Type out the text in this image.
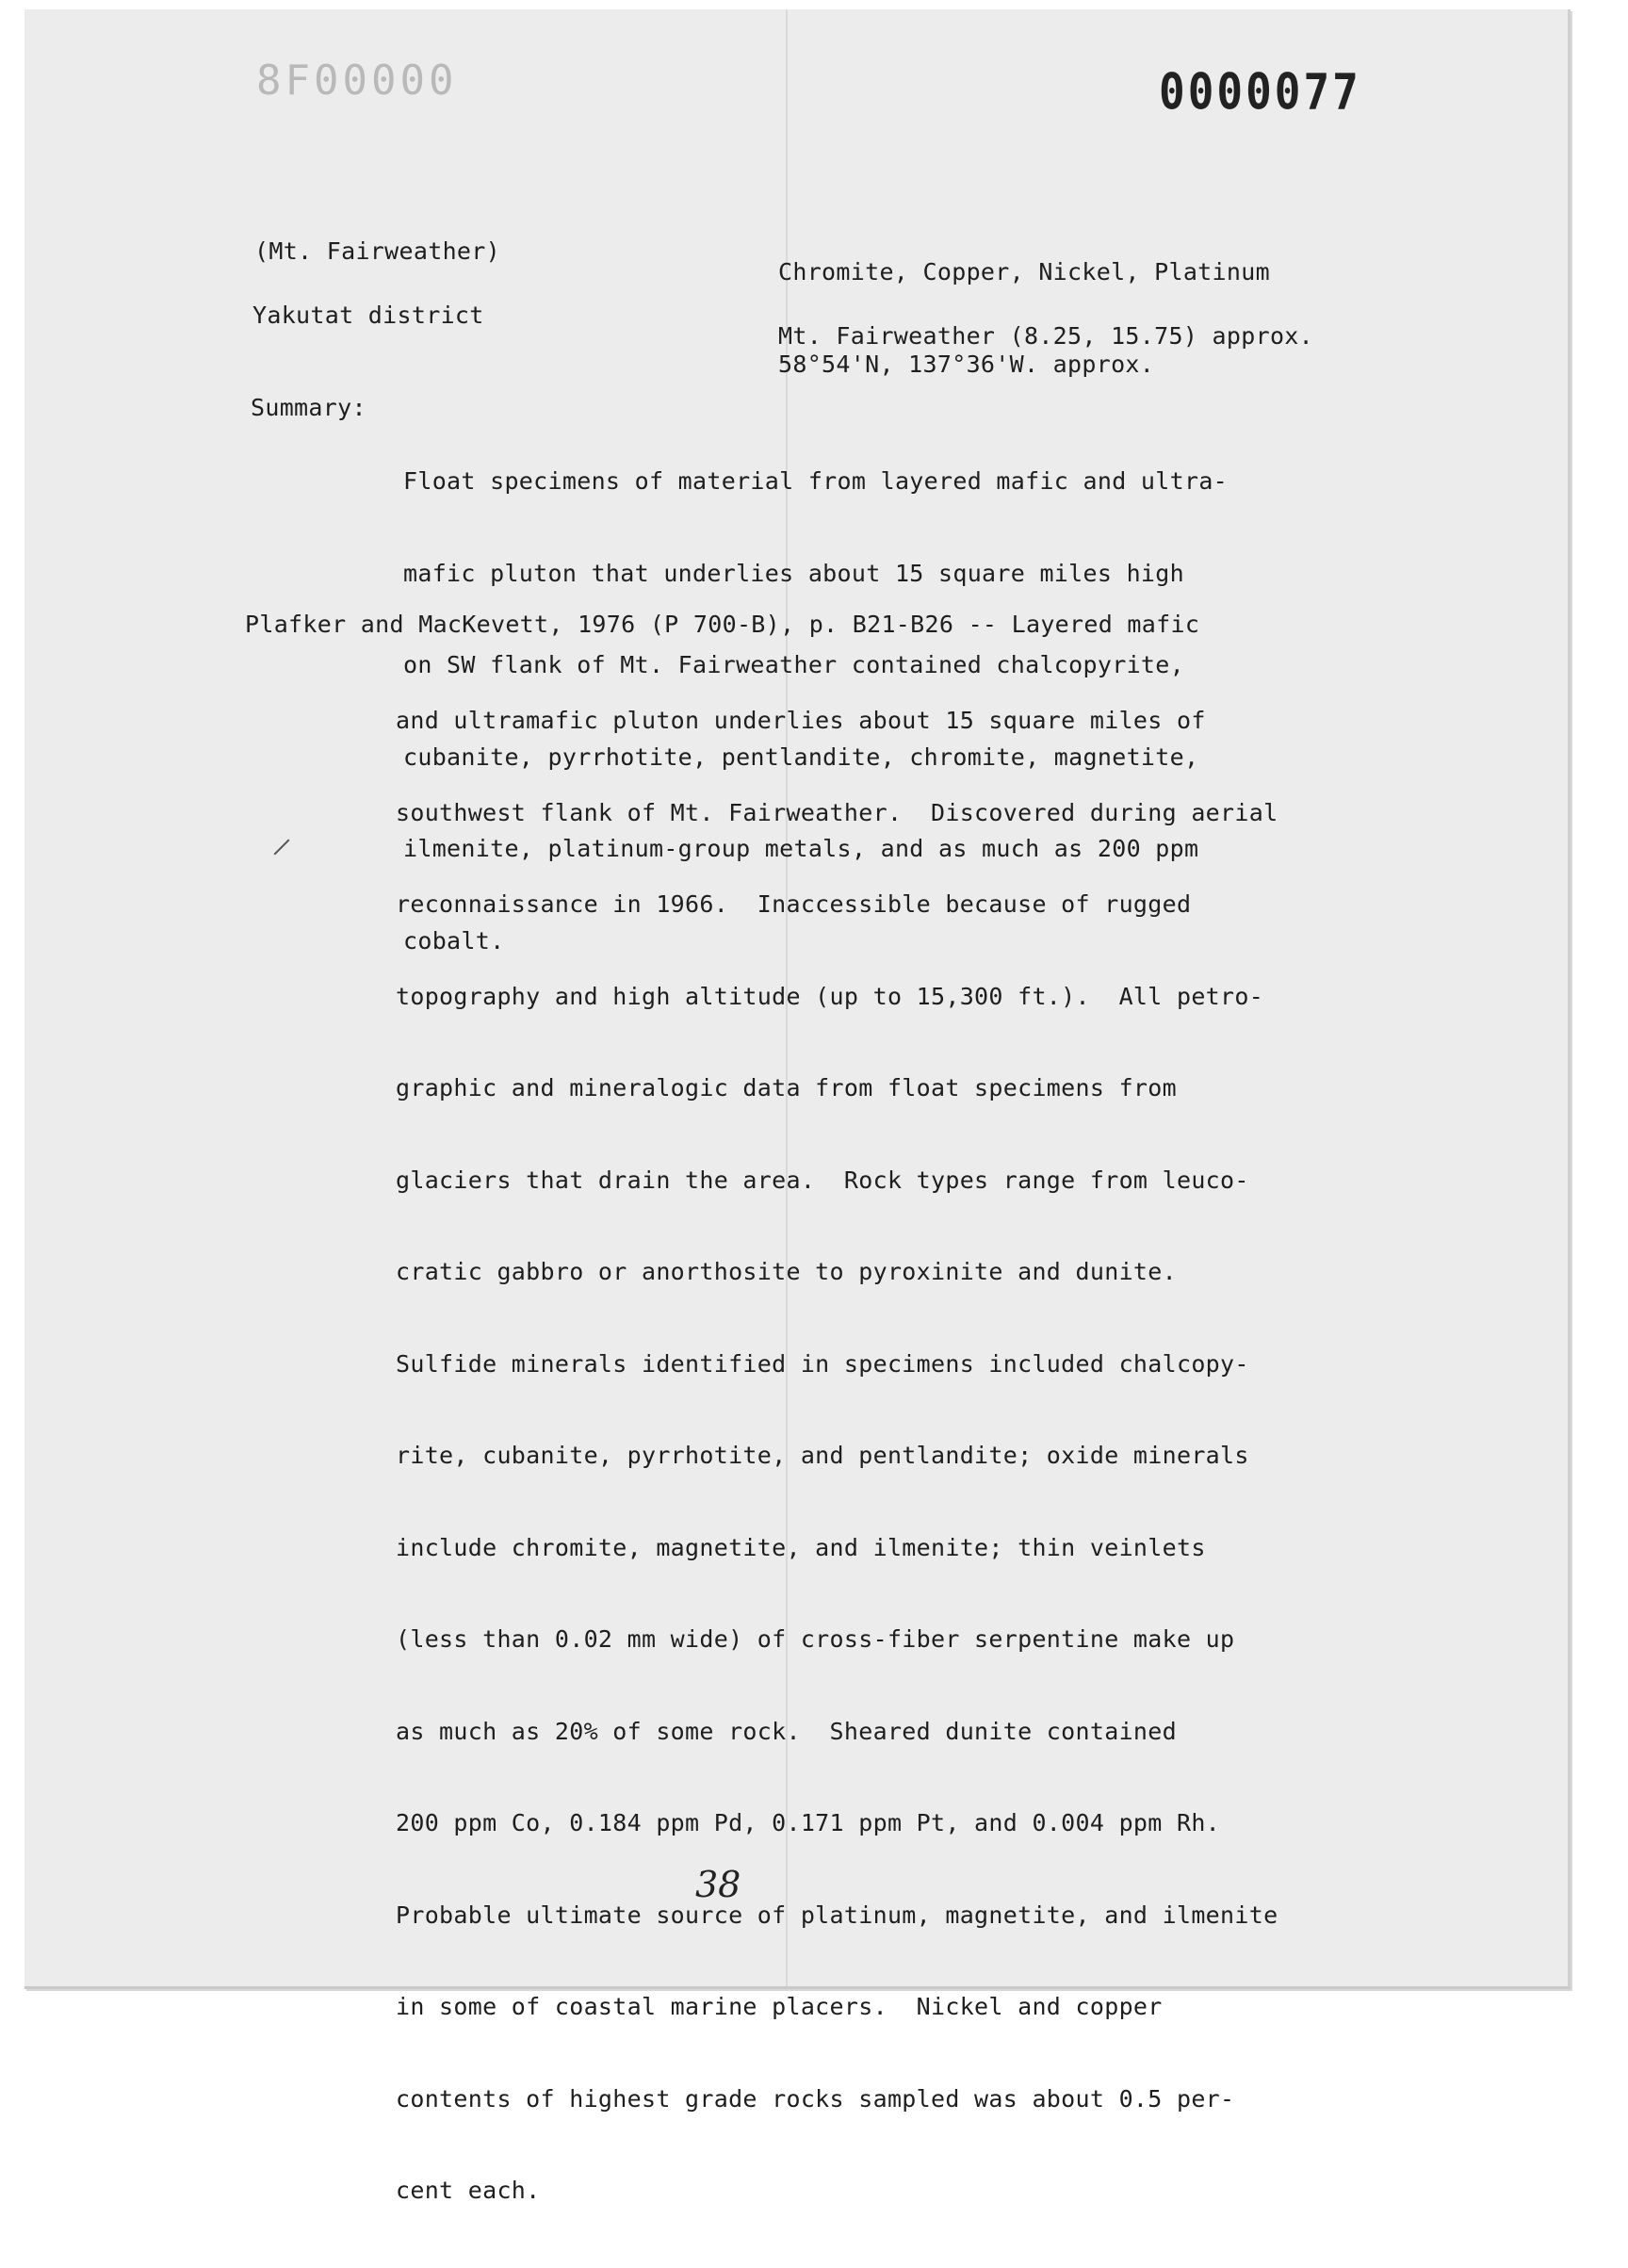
8F00000	0000077
(Mt. Fairweather)
Yakutat district
Chromite, Copper, Nickel, Platinum
Mt. Fairweather (8.25, 15.75) approx.
58°54'N, 137°36'W. approx.
Summary:

Float specimens of material from layered mafic and ultra-

mafic pluton that underlies about 15 square miles high

on SW flank of Mt. Fairweather contained chalcopyrite,

cubanite, pyrrhotite, pentlandite, chromite, magnetite,

ilmenite, platinum-group metals, and as much as 200 ppm

cobalt.

Plafker and MacKevett, 1976 (P 700-B), p. B21-B26 -- Layered mafic

and ultramafic pluton underlies about 15 square miles of

southwest flank of Mt. Fairweather.  Discovered during aerial

reconnaissance in 1966.  Inaccessible because of rugged

topography and high altitude (up to 15,300 ft.).  All petro-

graphic and mineralogic data from float specimens from

glaciers that drain the area.  Rock types range from leuco-

cratic gabbro or anorthosite to pyroxinite and dunite.

Sulfide minerals identified in specimens included chalcopy-

rite, cubanite, pyrrhotite, and pentlandite; oxide minerals

include chromite, magnetite, and ilmenite; thin veinlets

(less than 0.02 mm wide) of cross-fiber serpentine make up

as much as 20% of some rock.  Sheared dunite contained

200 ppm Co, 0.184 ppm Pd, 0.171 ppm Pt, and 0.004 ppm Rh.

Probable ultimate source of platinum, magnetite, and ilmenite

in some of coastal marine placers.  Nickel and copper

contents of highest grade rocks sampled was about 0.5 per-

cent each.

38
